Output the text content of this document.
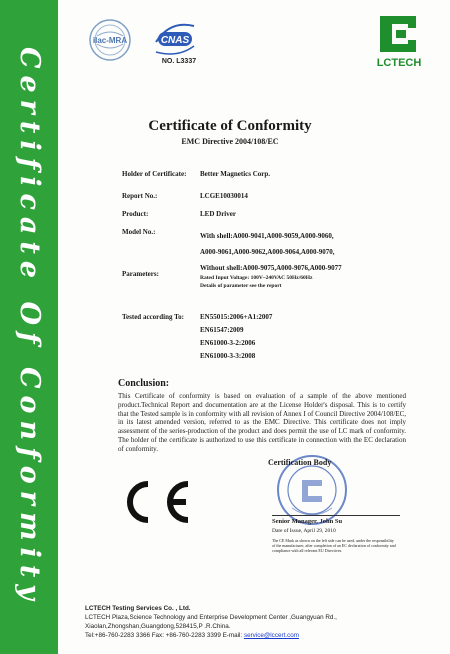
Certificate Of Conformity
ilac-MRA	CNAS
NO. L3337	LCTECH
Certificate of Conformity
EMC Directive 2004/108/EC
Holder of Certificate: Better Magnetics Corp.
Report No.:	LCGE10030014
Product:	LED Driver
Model No.:	With shell:A000-9041,A000-9059,A000-9060,
A000-9061,A000-9062,A000-9064,A000-9070,
Without shell:A000-9075,A000-9076,A000-9077
Parameters:	Rated Input Voltage: 100V~240VAC 50Hz/60Hz
Details of parameter see the report
Tested according To: EN55015:2006+A1:2007
EN61547:2009
EN61000-3-2:2006
EN61000-3-3:2008
Conclusion:
This Certificate of conformity is based on evaluation of a sample of the above mentioned product.Technical Report and documentation are at the License Holder's disposal. This is to certify that the Tested sample is in conformity with all revision of Annex I of Council Directive 2004/108/EC, in its latest amended version, referred to as the EMC Directive. This certificate does not imply assessment of the series-production of the product and does permit the use of LC mark of conformity. The holder of the certificate is authorized to use this certificate in connection with the EC declaration of conformity.
Certification Body
Senior Manager, John Su
Date of Issue, April 29, 2010
The CE Mark as shown on the left side can be used, under the responsibility of the manufacturer, after completion of an EC declaration of conformity and compliance with all relevant EU Directives.
LCTECH Testing Services Co. , Ltd.
LCTECH Plaza,Science Technology and Enterprise Development Center ,Guangyuan Rd.,
Xiaolan,Zhongshan,Guangdong,528415,P .R.China.
Tel:+86-760-2283 3366 Fax: +86-760-2283 3399 E-mail: service@lccert.com
